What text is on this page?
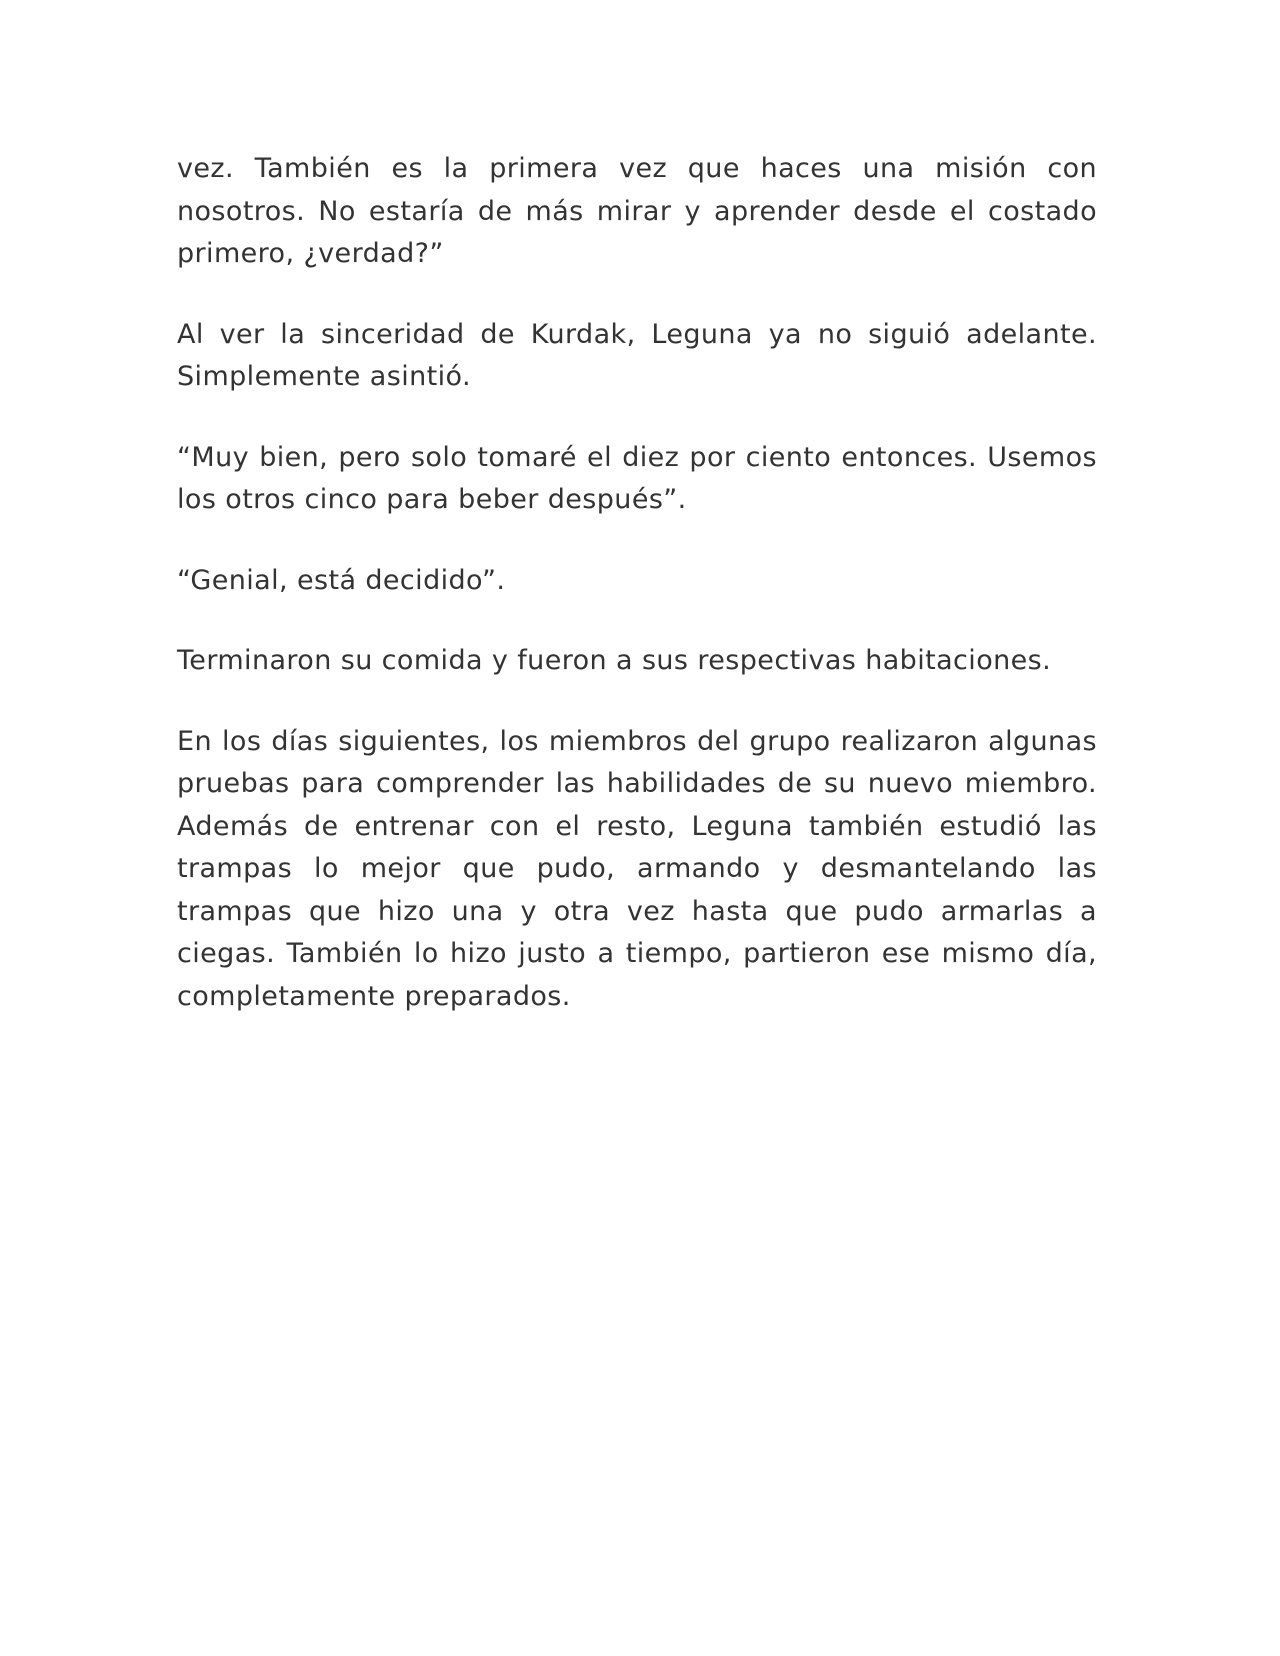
vez. También es la primera vez que haces una misión con nosotros. No estaría de más mirar y aprender desde el costado primero, ¿verdad?”

Al ver la sinceridad de Kurdak, Leguna ya no siguió adelante. Simplemente asintió.

“Muy bien, pero solo tomaré el diez por ciento entonces. Usemos los otros cinco para beber después”.

“Genial, está decidido”.

Terminaron su comida y fueron a sus respectivas habitaciones.

En los días siguientes, los miembros del grupo realizaron algunas pruebas para comprender las habilidades de su nuevo miembro. Además de entrenar con el resto, Leguna también estudió las trampas lo mejor que pudo, armando y desmantelando las trampas que hizo una y otra vez hasta que pudo armarlas a ciegas. También lo hizo justo a tiempo, partieron ese mismo día, completamente preparados.
